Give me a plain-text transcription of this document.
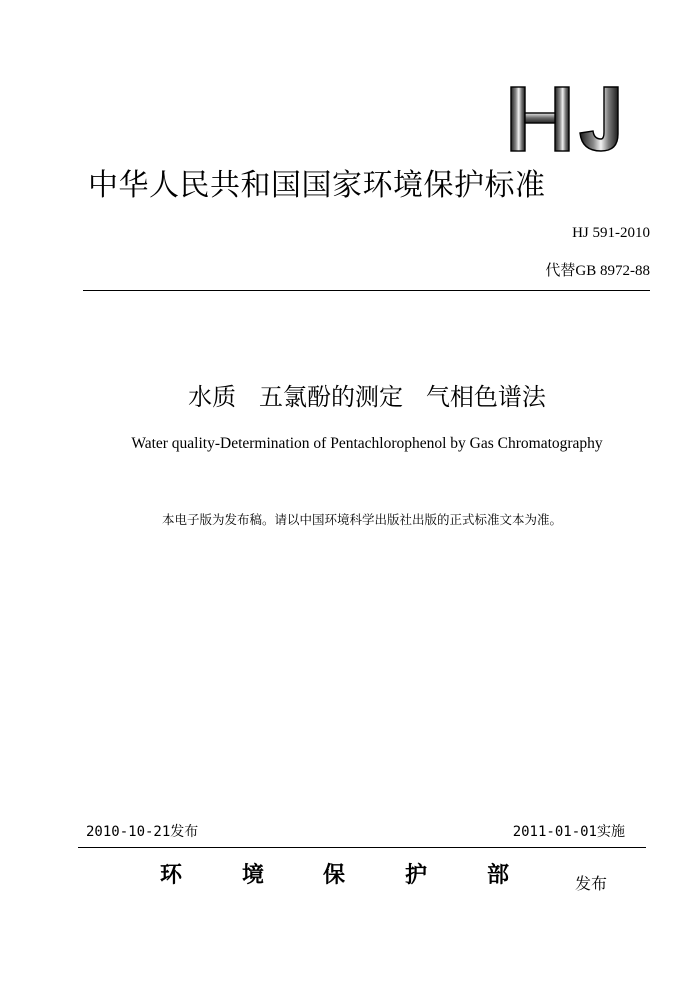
中华人民共和国国家环境保护标准
HJ 591-2010
代替GB 8972-88
水质   五氯酚的测定   气相色谱法
Water quality-Determination of Pentachlorophenol by Gas Chromatography
本电子版为发布稿。请以中国环境科学出版社出版的正式标准文本为准。
2010-10-21发布	2011-01-01实施
环	境	保	护	部	发布
